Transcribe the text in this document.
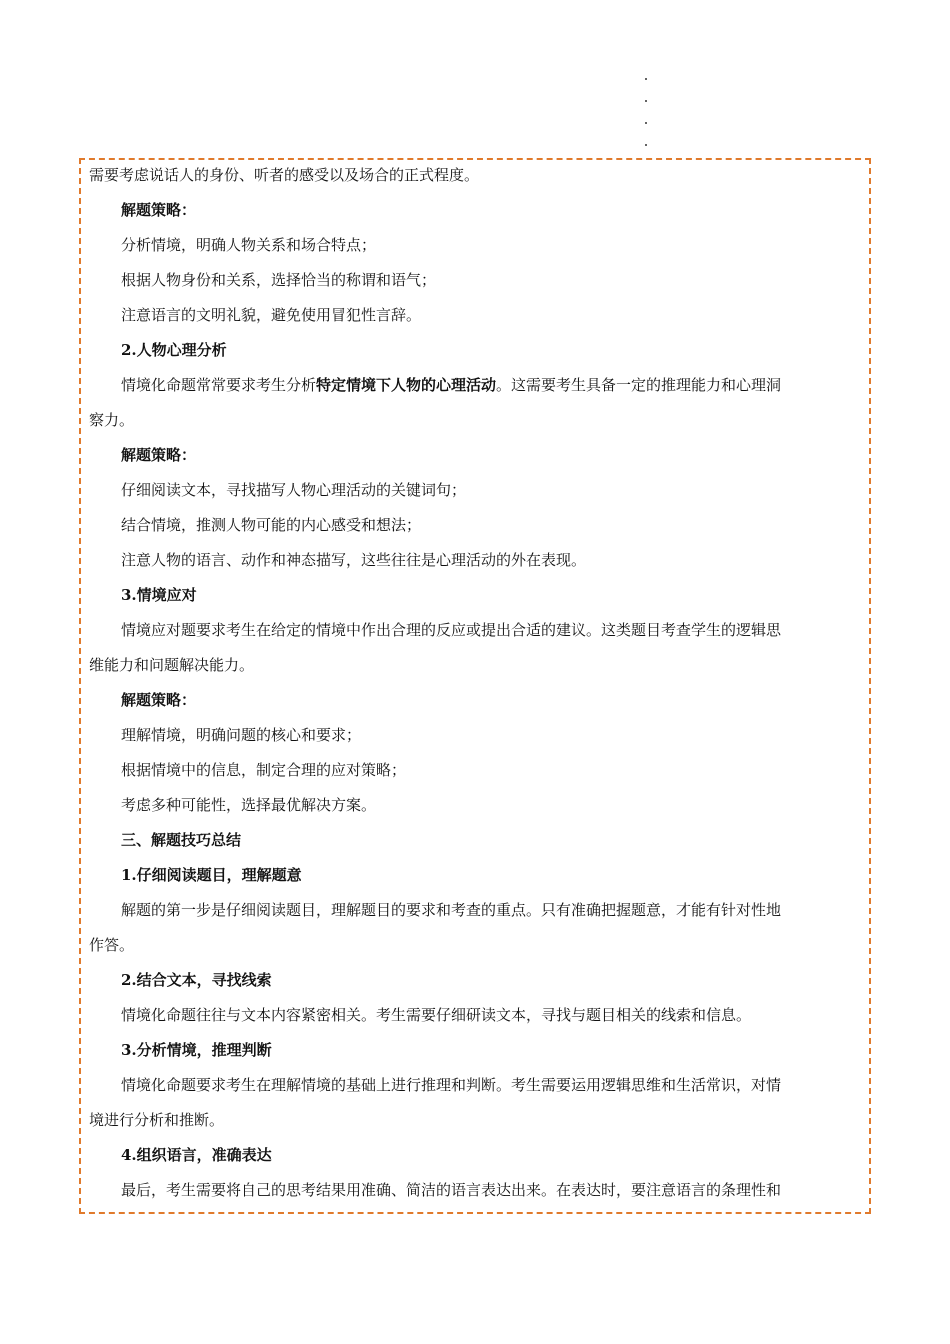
需要考虑说话人的身份、听者的感受以及场合的正式程度。
解题策略：
分析情境，明确人物关系和场合特点；
根据人物身份和关系，选择恰当的称谓和语气；
注意语言的文明礼貌，避免使用冒犯性言辞。
2.人物心理分析
情境化命题常常要求考生分析特定情境下人物的心理活动。这需要考生具备一定的推理能力和心理洞
察力。
解题策略：
仔细阅读文本，寻找描写人物心理活动的关键词句；
结合情境，推测人物可能的内心感受和想法；
注意人物的语言、动作和神态描写，这些往往是心理活动的外在表现。
3.情境应对
情境应对题要求考生在给定的情境中作出合理的反应或提出合适的建议。这类题目考查学生的逻辑思
维能力和问题解决能力。
解题策略：
理解情境，明确问题的核心和要求；
根据情境中的信息，制定合理的应对策略；
考虑多种可能性，选择最优解决方案。
三、解题技巧总结
1.仔细阅读题目，理解题意
解题的第一步是仔细阅读题目，理解题目的要求和考查的重点。只有准确把握题意，才能有针对性地
作答。
2.结合文本，寻找线索
情境化命题往往与文本内容紧密相关。考生需要仔细研读文本，寻找与题目相关的线索和信息。
3.分析情境，推理判断
情境化命题要求考生在理解情境的基础上进行推理和判断。考生需要运用逻辑思维和生活常识，对情
境进行分析和推断。
4.组织语言，准确表达
最后，考生需要将自己的思考结果用准确、简洁的语言表达出来。在表达时，要注意语言的条理性和
